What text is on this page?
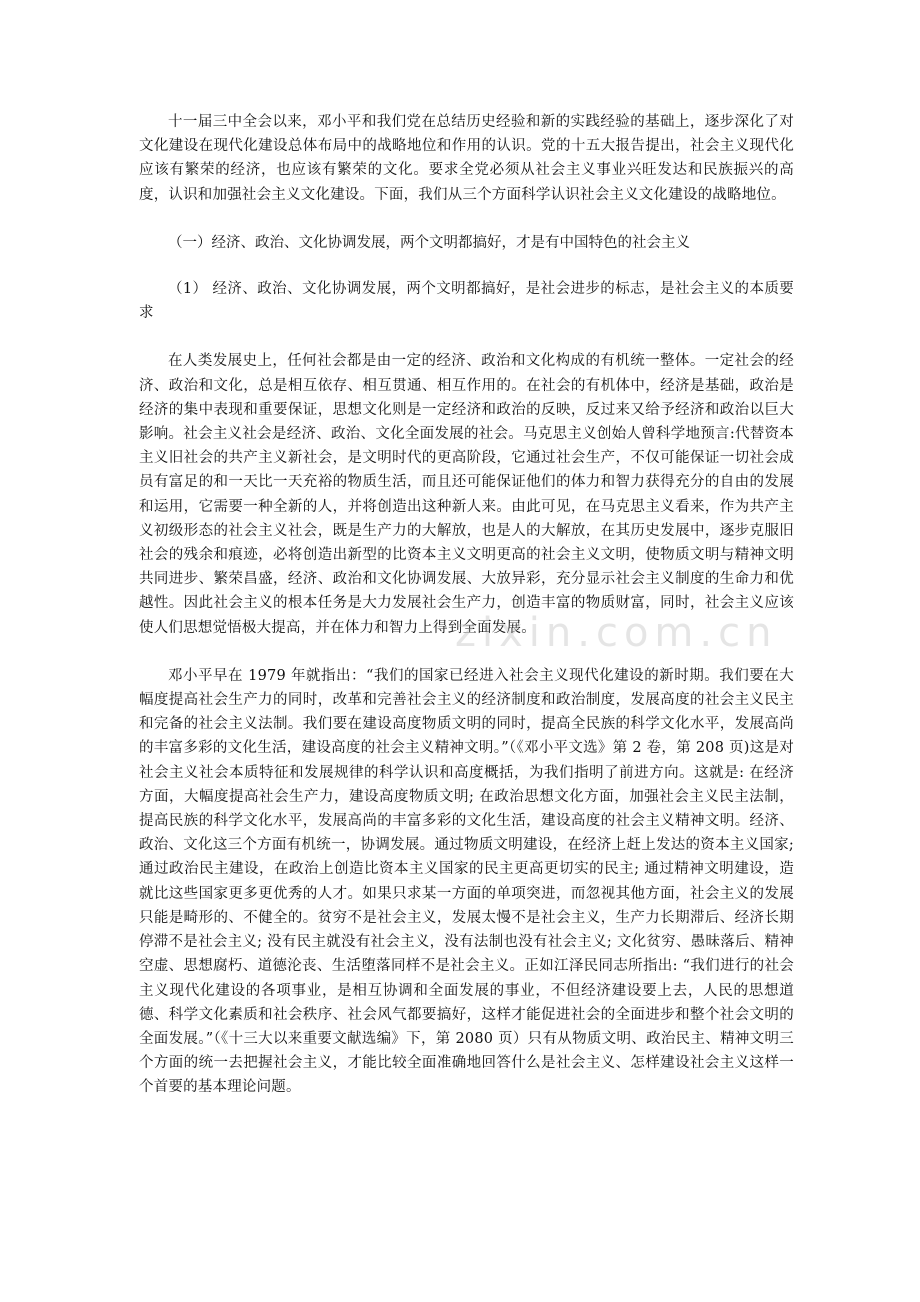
十一届三中全会以来，邓小平和我们党在总结历史经验和新的实践经验的基础上，逐步深化了对文化建设在现代化建设总体布局中的战略地位和作用的认识。党的十五大报告提出，社会主义现代化应该有繁荣的经济，也应该有繁荣的文化。要求全党必须从社会主义事业兴旺发达和民族振兴的高度，认识和加强社会主义文化建设。下面，我们从三个方面科学认识社会主义文化建设的战略地位。

（一）经济、政治、文化协调发展，两个文明都搞好，才是有中国特色的社会主义

（1） 经济、政治、文化协调发展，两个文明都搞好，是社会进步的标志，是社会主义的本质要求

在人类发展史上，任何社会都是由一定的经济、政治和文化构成的有机统一整体。一定社会的经济、政治和文化，总是相互依存、相互贯通、相互作用的。在社会的有机体中，经济是基础，政治是经济的集中表现和重要保证，思想文化则是一定经济和政治的反映，反过来又给予经济和政治以巨大影响。社会主义社会是经济、政治、文化全面发展的社会。马克思主义创始人曾科学地预言:代替资本主义旧社会的共产主义新社会，是文明时代的更高阶段，它通过社会生产，不仅可能保证一切社会成员有富足的和一天比一天充裕的物质生活，而且还可能保证他们的体力和智力获得充分的自由的发展和运用，它需要一种全新的人，并将创造出这种新人来。由此可见，在马克思主义看来，作为共产主义初级形态的社会主义社会，既是生产力的大解放，也是人的大解放，在其历史发展中，逐步克服旧社会的残余和痕迹，必将创造出新型的比资本主义文明更高的社会主义文明，使物质文明与精神文明共同进步、繁荣昌盛，经济、政治和文化协调发展、大放异彩，充分显示社会主义制度的生命力和优越性。因此社会主义的根本任务是大力发展社会生产力，创造丰富的物质财富，同时，社会主义应该使人们思想觉悟极大提高，并在体力和智力上得到全面发展。

邓小平早在 1979 年就指出：“我们的国家已经进入社会主义现代化建设的新时期。我们要在大幅度提高社会生产力的同时，改革和完善社会主义的经济制度和政治制度，发展高度的社会主义民主和完备的社会主义法制。我们要在建设高度物质文明的同时，提高全民族的科学文化水平，发展高尚的丰富多彩的文化生活，建设高度的社会主义精神文明。”（《邓小平文选》第 2 卷，第 208 页)这是对社会主义社会本质特征和发展规律的科学认识和高度概括，为我们指明了前进方向。这就是: 在经济方面，大幅度提高社会生产力，建设高度物质文明; 在政治思想文化方面，加强社会主义民主法制，提高民族的科学文化水平，发展高尚的丰富多彩的文化生活，建设高度的社会主义精神文明。经济、政治、文化这三个方面有机统一，协调发展。通过物质文明建设，在经济上赶上发达的资本主义国家; 通过政治民主建设，在政治上创造比资本主义国家的民主更高更切实的民主; 通过精神文明建设，造就比这些国家更多更优秀的人才。如果只求某一方面的单项突进，而忽视其他方面，社会主义的发展只能是畸形的、不健全的。贫穷不是社会主义，发展太慢不是社会主义，生产力长期滞后、经济长期停滞不是社会主义; 没有民主就没有社会主义，没有法制也没有社会主义; 文化贫穷、愚昧落后、精神空虚、思想腐朽、道德沦丧、生活堕落同样不是社会主义。正如江泽民同志所指出: “我们进行的社会主义现代化建设的各项事业，是相互协调和全面发展的事业，不但经济建设要上去，人民的思想道德、科学文化素质和社会秩序、社会风气都要搞好，这样才能促进社会的全面进步和整个社会文明的全面发展。”（《十三大以来重要文献选编》下，第 2080 页）只有从物质文明、政治民主、精神文明三个方面的统一去把握社会主义，才能比较全面准确地回答什么是社会主义、怎样建设社会主义这样一个首要的基本理论问题。

zixin.com.cn
